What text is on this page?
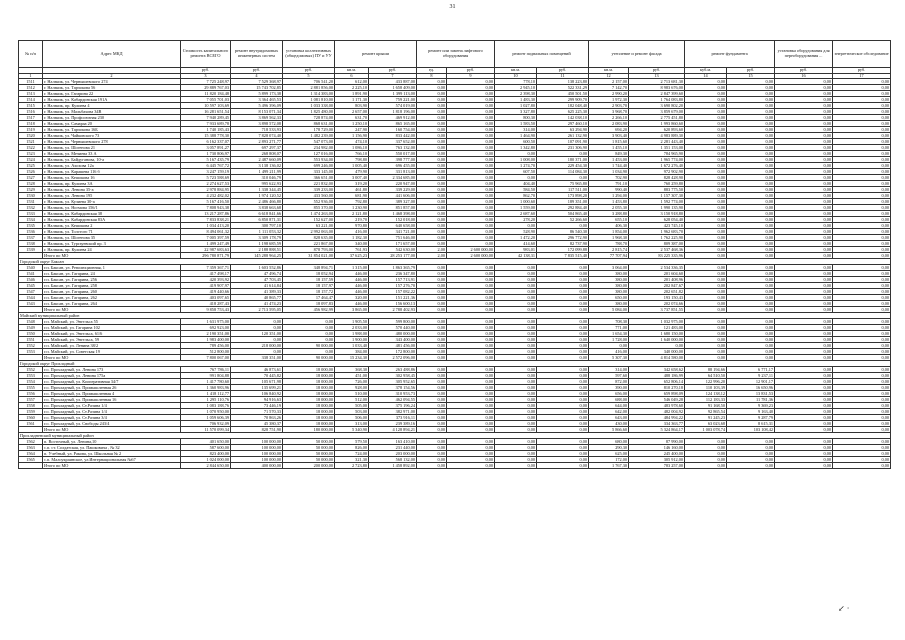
31
№ п/п	Адрес МКД	Стоимость капитального ремонта ВСЕГО	ремонт внутридомовых инженерных систем	установка коллективных (общедомовых) ПУ и УУ	ремонт крыши		ремонт или замена лифтового оборудования		ремонт подвальных помещений		утепление и ремонт фасада		ремонт фундамента		установка оборудования для переоборудования ...	энергетическое обследование
		руб.	руб.	руб.	кв.м.	руб.	ед.	руб.	кв.м.	руб.	кв.м.	руб.	куб.м.	руб.	руб.	руб.
1	2	3	4	5	6	7	8	9	10	11	12	13	14	15	16	17
1511	г. Нальчик, ул. Чернышевского 274	7 725 248,97	7 529 368,97	706 541,20	612,00	433 887,00	0,00	0,00	778,10	138 223,80	2 157,00	2 713 681,30	0,00	0,00	0,00	0,00
1512	г. Нальчик, ул. Тарчокова 56	29 889 767,03	15 743 702,85	2 881 856,00	2 225,10	1 658 409,00	0,00	0,00	2 945,10	522 331,29	7 142,70	8 983 676,00	0,00	0,00	0,00	0,00
1513	г. Нальчик, ул. Гагарина 22	11 820 184,48	5 899 173,38	1 314 383,00	1 891,90	1 399 113,00	0,00	0,00	2 398,30	450 501,50	2 990,20	2 847 399,60	0,00	0,00	0,00	0,00
1514	г. Нальчик, ул. Кабардинская 191А	7 055 701,03	3 364 465,53	1 081 810,00	1 171,30	759 221,00	0,00	0,00	1 483,30	299 909,70	1 972,30	1 764 083,80	0,00	0,00	0,00	0,00
1515	г. Нальчик, пр. Кулиева 4	10 597 103,69	5 496 396,09	1 033 338,00	803,90	574 019,00	0,00	0,00	1 027,80	182 048,40	2 903,70	3 690 802,20	0,00	0,00	0,00	0,00
1516	г. Нальчик, ул. Мальбахова 34В	16 281 651,54	8 153 071,34	1 825 480,00	2 657,00	1 818 196,00	0,00	0,00	3 327,80	625 225,30	3 968,70	3 859 679,00	0,00	0,00	0,00	0,00
1517	г. Нальчик, ул. Профсоюзная 230	7 940 289,45	3 869 562,33	728 874,00	631,70	469 912,00	0,00	0,00	800,30	142 038,10	2 266,10	2 775 451,80	0,00	0,00	0,00	0,00
1518	г. Нальчик, ул. Самараа 20	7 933 689,78	3 898 572,08	868 631,00	1 250,10	865 165,00	0,00	0,00	1 583,50	297 460,10	2 083,90	1 993 860,60	0,00	0,00	0,00	0,00
1519	г. Нальчик, ул. Тарчокова 16Б	1 740 185,43	718 533,93	178 729,00	247,90	160 754,00	0,00	0,00	314,00	63 294,90	694,20	620 893,60	0,00	0,00	0,00	0,00
1520	г. Нальчик, ул. Чайковского 73	15 388 778,30	7 828 074,40	1 482 239,00	1 156,90	833 442,00	0,00	0,00	1 464,90	261 132,90	3 903,40	4 983 889,30	0,00	0,00	0,00	0,00
1521	г. Нальчик, ул. Чернышевского 278	6 162 337,07	2 893 271,77	547 073,00	474,10	337 652,00	0,00	0,00	600,50	107 091,90	1 815,60	2 281 443,40	0,00	0,00	0,00	0,00
1522	г. Нальчик, ул. Шогенова 21	3 057 891,27	697 297,37	234 982,00	1 086,10	763 132,00	0,00	0,00	1 342,80	231 306,90	1 455,10	1 351 153,00	0,00	0,00	0,00	0,00
1523	г. Нальчик, ул. Мечиева 33 А	1 730 806,97	268 808,07	127 016,00	766,10	550 017,00	0,00	0,00	0,00	0,00	849,30	784 965,90	0,00	0,00	0,00	0,00
1524	г. Нальчик, ул. Байдуганова, 10-а	5 167 435,79	2 487 660,09	553 934,00	798,80	398 777,00	0,00	0,00	1 008,00	180 371,00	1 453,00	1 965 774,00	0,00	0,00	0,00	0,00
1525	г. Нальчик, ул. Ахохова 12а	6 445 767,72	3 138 136,02	699 246,00	1 005,40	696 455,00	0,00	0,00	1 274,70	229 454,30	1 744,40	1 672 276,40	0,00	0,00	0,00	0,00
1526	г. Нальчик, ул. Карашева 116 б	3 247 159,19	1 499 211,99	333 145,00	479,90	331 813,00	0,00	0,00	607,50	114 084,30	1 034,90	972 902,90	0,00	0,00	0,00	0,00
1527	г. Нальчик, ул. Кешокова 16	5 723 588,69	310 046,79	366 651,00	3 007,40	2 334 685,00	0,00	0,00	0,00	0,00	702,90	828 428,90	0,00	0,00	0,00	0,00
1528	г. Нальчик, пр. Кулиева 3А	2 274 627,53	995 622,93	221 832,00	319,20	220 947,00	0,00	0,00	404,40	75 965,80	791,10	760 259,80	0,00	0,00	0,00	0,00
1529	г. Нальчик, ул. Ленина 35-а	2 978 884,95	1 338 344,45	339 233,00	461,80	339 229,00	0,00	0,00	584,50	117 511,00	990,40	883 775,50	0,00	0,00	0,00	0,00
1530	г. Нальчик, ул. Ленина 195	4 232 482,02	1 974 120,52	433 560,00	681,90	441 606,00	0,00	0,00	862,70	173 898,20	1 294,00	1 157 307,30	0,00	0,00	0,00	0,00
1531	г. Нальчик, ул. Кулиева 30-а	5 167 416,50	2 486 466,80	552 936,00	792,80	389 327,00	0,00	0,00	1 000,60	189 351,00	1 453,80	1 592 774,00	0,00	0,00	0,00	0,00
1532	г. Нальчик, ул. Ногмова 156/1	7 808 943,38	3 838 663,68	855 370,00	1 230,90	851 857,00	0,00	0,00	1 559,00	292 884,40	2 055,30	1 990 135,90	0,00	0,00	0,00	0,00
1533	г. Нальчик, ул. Кабардинская 38	13 217 287,86	6 618 841,66	1 474 263,00	2 121,80	1 468 398,00	0,00	0,00	2 687,60	504 865,40	3 288,80	3 150 918,80	0,00	0,00	0,00	0,00
1534	г. Нальчик, ул. Кабардинская 83А	7 833 838,21	6 850 871,31	152 627,00	219,70	152 018,00	0,00	0,00	278,20	52 266,60	655,10	628 054,40	0,00	0,00	0,00	0,00
1535	г. Нальчик, ул. Кешокова 2	1 034 413,20	300 797,10	63 221,00	970,80	640 658,00	0,00	0,00	0,00	0,00	406,30	423 745,10	0,00	0,00	0,00	0,00
1536	г. Нальчик, ул. Толстого 71	8 494 061,32	1 111 053,32	2 992 063,00	416,00	341 721,00	0,00	0,00	528,90	86 540,30	1 854,00	1 962 683,70	0,00	0,00	0,00	0,00
1537	г. Нальчик, ул. Шогенова 35	7 005 397,59	3 309 178,79	828 635,00	1 182,30	751 646,00	0,00	0,00	1 472,20	296 772,90	1 968,30	1 762 225,90	0,00	0,00	0,00	0,00
1538	г. Нальчик, ул. Тургауевский пр. 3	1 499 247,49	1 198 685,59	221 867,00	340,00	171 657,00	0,00	0,00	414,60	82 737,90	788,70	809 387,00	0,00	0,00	0,00	0,00
1539	г. Нальчик, пр. Кулиева 24	22 987 683,63	2 188 888,51	878 793,00	761,93	542 630,00	2,00	2 600 000,00	983,01	172 099,88	2 815,74	2 537 468,36	0,00	0,00	0,00	0,00
	Итого по МО	296 780 871,79	145 288 964,25	31 854 021,00	37 625,23	28 253 177,00	2,00	2 600 000,00	42 138,31	7 835 515,40	77 707,94	83 225 335,96	0,00	0,00	0,00	0,00
Городской округ Баксан																
1540	г.п. Баксан, ул. Революционная, 1	7 359 367,71	1 603 552,86	348 894,71	1 315,00	1 863 365,79	0,00	0,00	0,00	0,00	3 064,00	2 534 336,35	0,00	0,00	0,00	0,00
1541	г.п. Баксан, ул. Гагарина, 24	417 498,17	47 496,74	18 052,94	446,00	236 347,80	0,00	0,00	0,00	0,00	380,00	201 604,60	0,00	0,00	0,00	0,00
1546	г.п. Баксан, ул. Гагарина, 256	420 393,92	47 703,45	18 157,59	446,00	157 713,91	0,00	0,00	0,00	0,00	380,00	201 408,96	0,00	0,00	0,00	0,00
1545	г.п. Баксан, ул. Гагарина, 258	419 907,97	41 614,84	18 157,97	446,00	157 276,70	0,00	0,00	0,00	0,00	380,00	202 847,67	0,00	0,00	0,00	0,00
1547	г.п. Баксан, ул. Гагарина, 260	419 440,66	41 389,33	18 157,72	446,00	157 082,22	0,00	0,00	0,00	0,00	380,00	202 651,82	0,00	0,00	0,00	0,00
1544	г.п. Баксан, ул. Гагарина, 262	403 097,65	40 865,77	17 464,47	320,00	151 221,36	0,00	0,00	0,00	0,00	650,00	193 150,43	0,00	0,00	0,00	0,00
1543	г.п. Баксан, ул. Гагарина, 264	418 287,43	41 474,23	18 097,83	446,00	156 600,13	0,00	0,00	0,00	0,00	380,00	202 074,66	0,00	0,00	0,00	0,00
	Итого по МО	9 858 753,43	2 713 595,05	456 982,99	3 865,00	2 788 402,93	0,00	0,00	0,00	0,00	5 084,00	3 737 851,55	0,00	0,00	0,00	0,00
Майский муниципальный район																
1548	г.п. Майский, ул. Энгельса 55	1 631 975,00	0,00	0,00	1 905,50	599 800,00	0,00	0,00	0,00	0,00	708,30	1 032 975,00	0,00	0,00	0,00	0,00
1549	г.п. Майский, ул. Гагарина 102	692 923,00	0,00	0,00	2 033,00	570 440,00	0,00	0,00	0,00	0,00	771,00	121 483,00	0,00	0,00	0,00	0,00
1550	г.п. Майский, ул. Энгельса, 61/6	2 190 351,00	120 351,00	0,00	1 988,00	480 000,00	0,00	0,00	0,00	0,00	1 654,30	1 680 150,00	0,00	0,00	0,00	0,00
1551	г.п. Майский, ул. Энгельса, 59	1 983 400,00	0,00	0,00	1 900,00	343 400,00	0,00	0,00	0,00	0,00	1 728,00	1 640 000,00	0,00	0,00	0,00	0,00
1552	г.п. Майский, ул. Ленина 38/2	789 456,00	218 000,00	90 000,00	1 033,40	481 456,00	0,00	0,00	0,00	0,00	0,00	0,00	0,00	0,00	0,00	0,00
1553	г.п. Майский, ул. Советская 19	512 800,00	0,00	0,00	384,00	172 800,00	0,00	0,00	0,00	0,00	416,00	340 000,00	0,00	0,00	0,00	0,00
	Итого по МО	7 800 067,00	338 351,00	90 000,00	15 234,30	2 572 096,00	0,00	0,00	0,00	0,00	5 307,30	4 814 580,00	0,00	0,00	0,00	0,00
Городской округ Прохладный																
1552	г.о. Прохладный, ул. Ленина 173	767 786,11	46 873,61	18 000,00	368,30	263 488,86	0,00	0,00	0,00	0,00	314,00	342 658,62	88 194,66	6 771,17	0,00	0,00
1553	г.о. Прохладный, ул. Ленина 175а	991 804,88	70 445,82	18 000,00	451,00	302 958,45	0,00	0,00	0,00	0,00	597,60	488 186,99	64 510,50	9 237,11	0,00	0,00
1554	г.о. Прохладный, ул. Кооперативная 34/7	1 417 780,60	105 671,98	18 000,00	726,00	305 952,65	0,00	0,00	0,00	0,00	872,00	652 806,14	122 996,20	12 901,17	0,00	0,00
1555	г.о. Прохладный, ул. Промышленная 26	1 360 983,96	135 699,21	18 000,00	928,00	378 154,56	0,00	0,00	0,00	0,00	390,00	810 270,18	110 103,39	16 650,96	0,00	0,00
1556	г.о. Прохладный, ул. Промышленная 4	1 418 112,77	106 840,92	18 000,00	510,00	310 953,73	0,00	0,00	0,00	0,00	656,00	659 898,09	124 138,12	13 831,53	0,00	0,00
1557	г.о. Прохладный, ул. Промышленная 16	1 295 110,76	94 916,63	18 000,00	512,00	462 094,55	0,00	0,00	0,00	0,00	688,00	546 049,28	112 183,33	11 781,36	0,00	0,00
1558	г.о. Прохладный, ул. Ст.Разина 1/4	1 083 188,76	73 446,19	18 000,00	505,00	375 196,24	0,00	0,00	0,00	0,00	644,00	483 978,60	91 168,50	9 369,23	0,00	0,00
1559	г.о. Прохладный, ул. Ст.Разина 1/4	1 070 950,00	71 570,33	18 000,00	503,00	382 971,00	0,00	0,00	0,00	0,00	642,00	482 004,92	92 865,54	9 163,40	0,00	0,00
1560	г.о. Прохладный, ул. Ст.Разина 3/4	1 059 606,39	70 863,26	18 000,00	506,00	373 916,11	0,00	0,00	0,00	0,00	643,00	484 994,22	91 245,23	9 287,79	0,00	0,00
1561	г.о. Прохладный, ул. Свободы 243/4	706 932,09	45 380,37	18 000,00	313,00	239 389,16	0,00	0,00	0,00	0,00	430,00	334 363,77	63 023,68	8 615,31	0,00	0,00
	Итого по МО	11 570 099,34	828 751,90	180 000,00	5 340,90	4 128 894,21	0,00	0,00	0,00	0,00	5 866,60	5 324 864,17	1 003 078,74	103 108,42	0,00	0,00
Прохладненский муниципальный район																
1562	п. Восточный, ул. Ленина,10	401 650,00	100 000,00	50 000,00	579,50	163 410,00	0,00	0,00	0,00	0,00	680,00	87 990,00	0,00	0,00	0,00	0,00
1563	с.п. ст. Солдатская, ул. Пашковича , № 32	587 600,00	100 000,00	50 000,00	826,00	231 440,00	0,00	0,00	0,00	0,00	290,30	146 160,00	0,00	0,00	0,00	0,00
1564	п. Учебный, ул. Ракова, ул. Школьная № 2	823 400,00	100 000,00	50 000,00	724,00	203 000,00	0,00	0,00	0,00	0,00	625,00	245 400,00	0,00	0,00	0,00	0,00
1565	с.п. Малоукраинское, ул.Интернациональная №67	1 024 000,00	100 000,00	50 000,00	321,30	568 132,00	0,00	0,00	0,00	0,00	172,00	305 912,00	0,00	0,00	0,00	0,00
	Итого по МО	2 844 650,00	400 000,00	200 000,00	2 723,80	1 458 892,00	0,00	0,00	0,00	0,00	1 767,30	783 257,00	0,00	0,00	0,00	0,00
↙ ·
